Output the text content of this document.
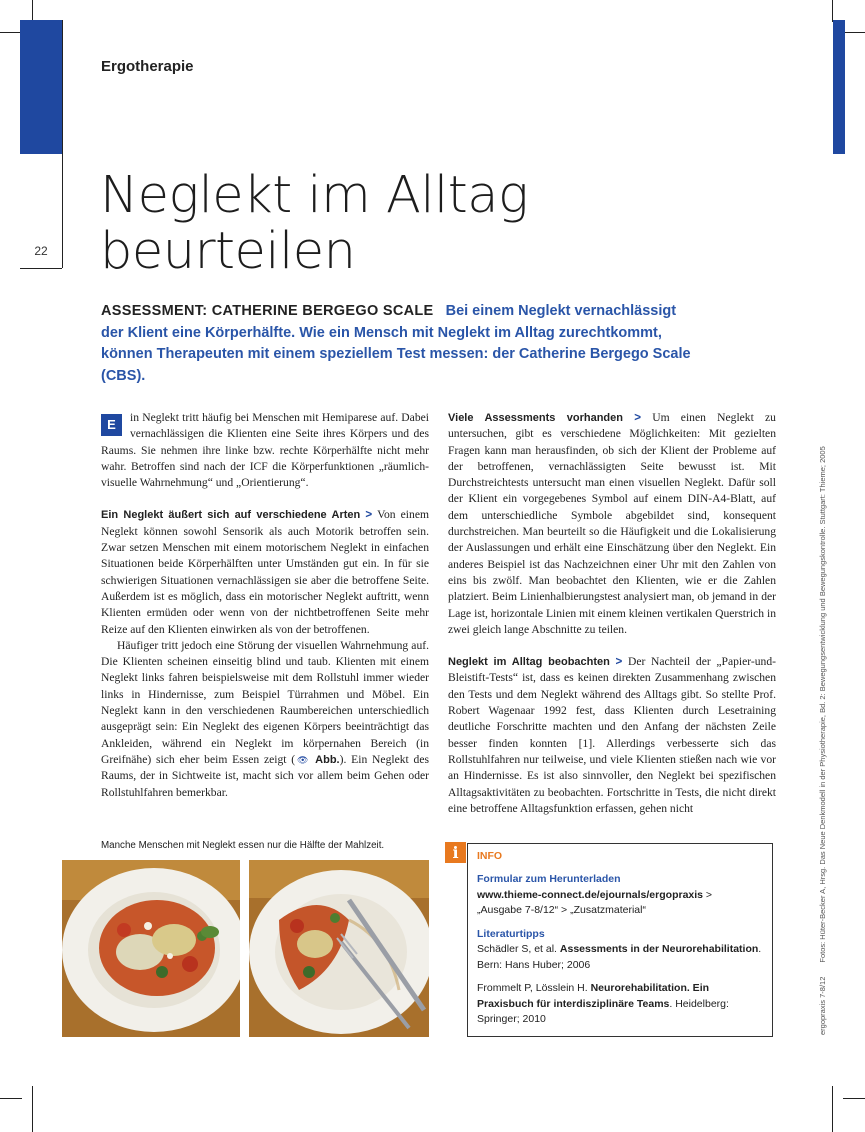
Ergotherapie
22
Neglekt im Alltag
beurteilen
ASSESSMENT: CATHERINE BERGEGO SCALE Bei einem Neglekt vernachlässigt der Klient eine Körperhälfte. Wie ein Mensch mit Neglekt im Alltag zurechtkommt, können Therapeuten mit einem speziellem Test messen: der Catherine Bergego Scale (CBS).

E	in Neglekt tritt häufig bei Menschen mit Hemiparese auf. Dabei vernachlässigen die Klienten eine Seite ihres Körpers und des Raums. Sie nehmen ihre linke bzw. rechte Körperhälfte nicht mehr wahr. Betroffen sind nach der ICF die Körperfunktionen „räumlich-visuelle Wahrnehmung“ und „Orientierung“.

Ein Neglekt äußert sich auf verschiedene Arten > Von einem Neglekt können sowohl Sensorik als auch Motorik betroffen sein. Zwar setzen Menschen mit einem motorischem Neglekt in einfachen Situationen beide Körperhälften unter Umständen gut ein. In für sie schwierigen Situationen vernachlässigen sie aber die betroffene Seite. Außerdem ist es möglich, dass ein motorischer Neglekt auftritt, wenn Klienten ermüden oder wenn von der nichtbetroffenen Seite mehr Reize auf den Klienten einwirken als von der betroffenen.

Häufiger tritt jedoch eine Störung der visuellen Wahrnehmung auf. Die Klienten scheinen einseitig blind und taub. Klienten mit einem Neglekt links fahren beispielsweise mit dem Rollstuhl immer wieder links in Hindernisse, zum Beispiel Türrahmen und Möbel. Ein Neglekt kann in den verschiedenen Raumbereichen unterschiedlich ausgeprägt sein: Ein Neglekt des eigenen Körpers beeinträchtigt das Ankleiden, während ein Neglekt im körpernahen Bereich (in Greifnähe) sich eher beim Essen zeigt (👁 Abb.). Ein Neglekt des Raums, der in Sichtweite ist, macht sich vor allem beim Gehen oder Rollstuhlfahren bemerkbar.

Viele Assessments vorhanden > Um einen Neglekt zu untersuchen, gibt es verschiedene Möglichkeiten: Mit gezielten Fragen kann man herausfinden, ob sich der Klient der Probleme auf der betroffenen, vernachlässigten Seite bewusst ist. Mit Durchstreichtests untersucht man einen visuellen Neglekt. Dafür soll der Klient ein vorgegebenes Symbol auf einem DIN-A4-Blatt, auf dem unterschiedliche Symbole abgebildet sind, konsequent durchstreichen. Man beurteilt so die Häufigkeit und die Lokalisierung der Auslassungen und erhält eine Einschätzung über den Neglekt. Ein anderes Beispiel ist das Nachzeichnen einer Uhr mit den Zahlen von eins bis zwölf. Man beobachtet den Klienten, wie er die Zahlen platziert. Beim Linienhalbierungstest analysiert man, ob jemand in der Lage ist, horizontale Linien mit einem kleinen vertikalen Querstrich in zwei gleich lange Abschnitte zu teilen.

Neglekt im Alltag beobachten > Der Nachteil der „Papier-und-Bleistift-Tests“ ist, dass es keinen direkten Zusammenhang zwischen den Tests und dem Neglekt während des Alltags gibt. So stellte Prof. Robert Wagenaar 1992 fest, dass Klienten durch Lesetraining deutliche Forschritte machten und den Anfang der nächsten Zeile besser finden konnten [1]. Allerdings verbesserte sich das Rollstuhlfahren nur teilweise, und viele Klienten stießen nach wie vor an Hindernisse. Es ist also sinnvoller, den Neglekt bei spezifischen Alltagsaktivitäten zu beobachten. Fortschritte in Tests, die nicht direkt eine betroffene Alltagsfunktion erfassen, gehen nicht

Manche Menschen mit Neglekt essen nur die Hälfte der Mahlzeit.	i	INFO

Formular zum Herunterladen

www.thieme-connect.de/ejournals/ergopraxis >

„Ausgabe 7-8/12“ > „Zusatzmaterial“

Literaturtipps

Schädler S, et al. Assessments in der Neurorehabilitation. Bern: Hans Huber; 2006

Frommelt P, Lösslein H. Neurorehabilitation. Ein Praxisbuch für interdisziplinäre Teams. Heidelberg: Springer; 2010	ergopraxis 7-8/12Fotos: Hüter-Becker A, Hrsg. Das Neue Denkmodell in der Physiotherapie, Bd. 2: Bewegungsentwicklung und Bewegungskontrolle. Stuttgart: Thieme; 2005
